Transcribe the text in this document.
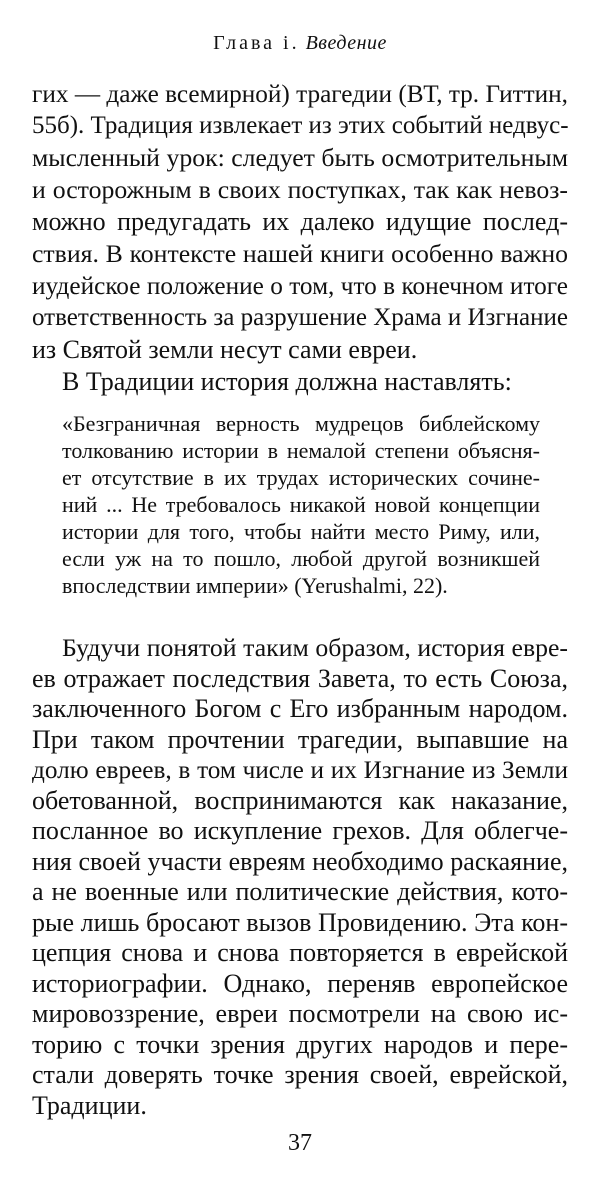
Глава i. Введение
гих — даже всемирной) трагедии (ВТ, тр. Гиттин,
55б). Традиция извлекает из этих событий недвус-
мысленный урок: следует быть осмотрительным
и осторожным в своих поступках, так как невоз-
можно предугадать их далеко идущие послед-
ствия. В контексте нашей книги особенно важно
иудейское положение о том, что в конечном итоге
ответственность за разрушение Храма и Изгнание
из Святой земли несут сами евреи.
В Традиции история должна наставлять:
«Безграничная верность мудрецов библейскому
толкованию истории в немалой степени объясня-
ет отсутствие в их трудах исторических сочине-
ний ... Не требовалось никакой новой концепции
истории для того, чтобы найти место Риму, или,
если уж на то пошло, любой другой возникшей
впоследствии империи» (Yerushalmi, 22).
Будучи понятой таким образом, история евре-
ев отражает последствия Завета, то есть Союза,
заключенного Богом с Его избранным народом.
При таком прочтении трагедии, выпавшие на
долю евреев, в том числе и их Изгнание из Земли
обетованной, воспринимаются как наказание,
посланное во искупление грехов. Для облегче-
ния своей участи евреям необходимо раскаяние,
а не военные или политические действия, кото-
рые лишь бросают вызов Провидению. Эта кон-
цепция снова и снова повторяется в еврейской
историографии. Однако, переняв европейское
мировоззрение, евреи посмотрели на свою ис-
торию с точки зрения других народов и пере-
стали доверять точке зрения своей, еврейской,
Традиции.
37
